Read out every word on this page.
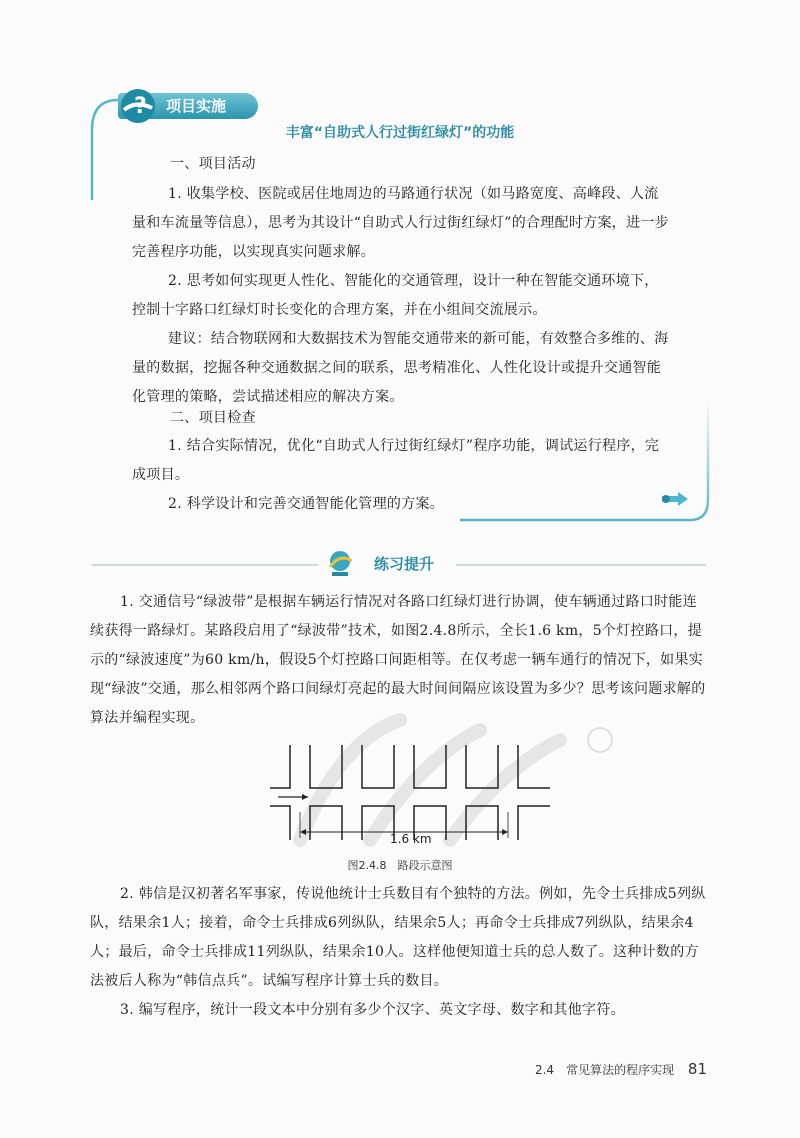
项目实施
?
丰富“自助式人行过街红绿灯”的功能
一、项目活动
1. 收集学校、医院或居住地周边的马路通行状况（如马路宽度、高峰段、人流量和车流量等信息），思考为其设计“自助式人行过街红绿灯”的合理配时方案，进一步完善程序功能，以实现真实问题求解。
2. 思考如何实现更人性化、智能化的交通管理，设计一种在智能交通环境下，控制十字路口红绿灯时长变化的合理方案，并在小组间交流展示。
建议：结合物联网和大数据技术为智能交通带来的新可能，有效整合多维的、海量的数据，挖掘各种交通数据之间的联系，思考精准化、人性化设计或提升交通智能化管理的策略，尝试描述相应的解决方案。
二、项目检查
1. 结合实际情况，优化“自助式人行过街红绿灯”程序功能，调试运行程序，完成项目。
2. 科学设计和完善交通智能化管理的方案。
练习提升
1. 交通信号“绿波带”是根据车辆运行情况对各路口红绿灯进行协调，使车辆通过路口时能连续获得一路绿灯。某路段启用了“绿波带”技术，如图2.4.8所示，全长1.6 km，5个灯控路口，提示的“绿波速度”为60 km/h，假设5个灯控路口间距相等。在仅考虑一辆车通行的情况下，如果实现“绿波”交通，那么相邻两个路口间绿灯亮起的最大时间间隔应该设置为多少？思考该问题求解的算法并编程实现。
1.6 km
图2.4.8　路段示意图
2. 韩信是汉初著名军事家，传说他统计士兵数目有个独特的方法。例如，先令士兵排成5列纵队，结果余1人；接着，命令士兵排成6列纵队，结果余5人；再命令士兵排成7列纵队，结果余4人；最后，命令士兵排成11列纵队，结果余10人。这样他便知道士兵的总人数了。这种计数的方法被后人称为“韩信点兵”。试编写程序计算士兵的数目。
3. 编写程序，统计一段文本中分别有多少个汉字、英文字母、数字和其他字符。
2.4　常见算法的程序实现 81
